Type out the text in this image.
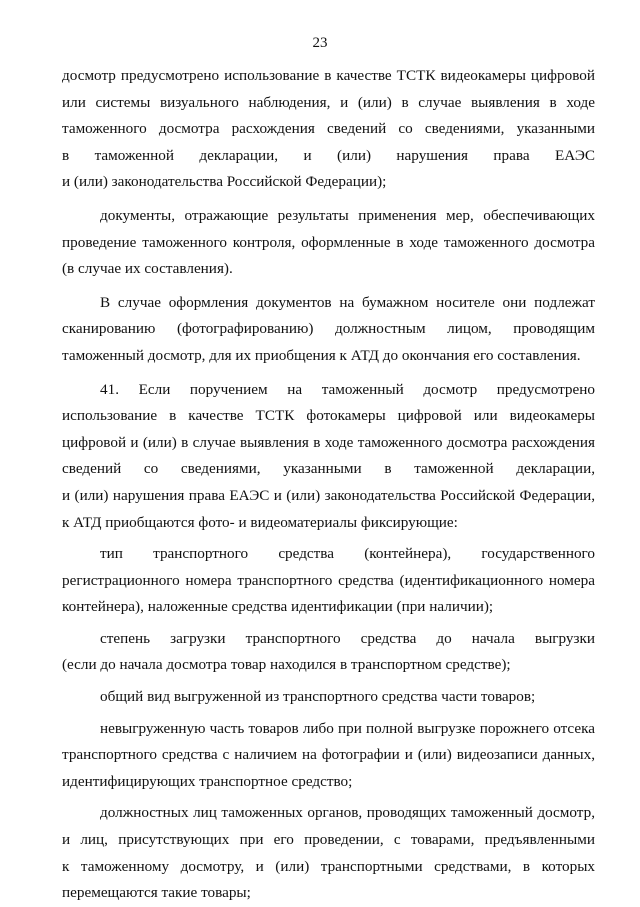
23

досмотр предусмотрено использование в качестве ТСТК видеокамеры цифровой
или системы визуального наблюдения, и (или) в случае выявления в ходе
таможенного досмотра расхождения сведений со сведениями, указанными
в таможенной декларации, и (или) нарушения права ЕАЭС
и (или) законодательства Российской Федерации);

документы, отражающие результаты применения мер, обеспечивающих
проведение таможенного контроля, оформленные в ходе таможенного досмотра
(в случае их составления).

В случае оформления документов на бумажном носителе они подлежат
сканированию (фотографированию) должностным лицом, проводящим
таможенный досмотр, для их приобщения к АТД до окончания его составления.

41. Если поручением на таможенный досмотр предусмотрено
использование в качестве ТСТК фотокамеры цифровой или видеокамеры
цифровой и (или) в случае выявления в ходе таможенного досмотра расхождения
сведений со сведениями, указанными в таможенной декларации,
и (или) нарушения права ЕАЭС и (или) законодательства Российской Федерации,
к АТД приобщаются фото- и видеоматериалы фиксирующие:

тип транспортного средства (контейнера), государственного
регистрационного номера транспортного средства (идентификационного номера
контейнера), наложенные средства идентификации (при наличии);

степень загрузки транспортного средства до начала выгрузки
(если до начала досмотра товар находился в транспортном средстве);

общий вид выгруженной из транспортного средства части товаров;

невыгруженную часть товаров либо при полной выгрузке порожнего отсека
транспортного средства с наличием на фотографии и (или) видеозаписи данных,
идентифицирующих транспортное средство;

должностных лиц таможенных органов, проводящих таможенный досмотр,
и лиц, присутствующих при его проведении, с товарами, предъявленными
к таможенному досмотру, и (или) транспортными средствами, в которых
перемещаются такие товары;
